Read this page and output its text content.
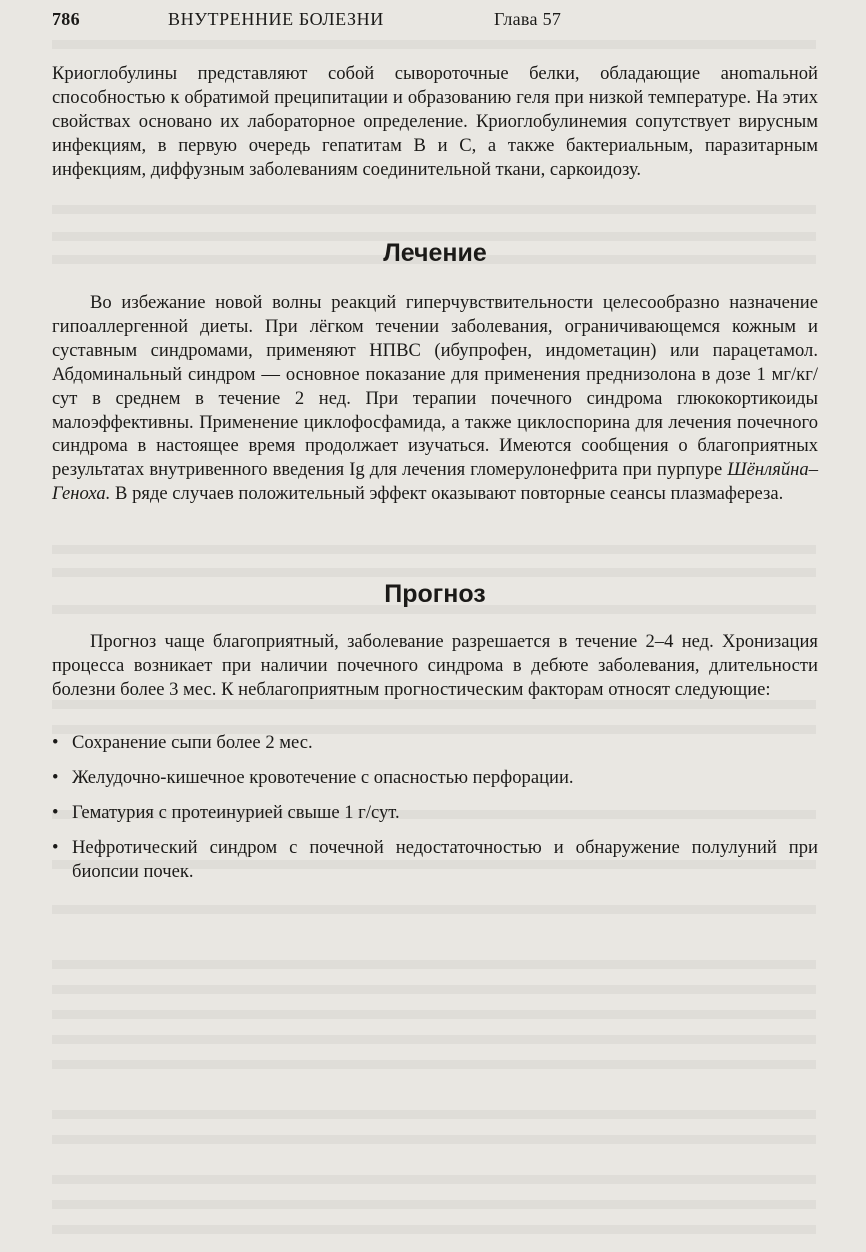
786	ВНУТРЕННИЕ БОЛЕЗНИ	Глава 57

Криоглобулины представляют собой сывороточные белки, обладающие аноmальной способностью к обратимой преципитации и образованию геля при низкой температуре. На этих свойствах основано их лабораторное определение. Криоглобулинемия сопутствует вирусным инфекциям, в первую очередь гепатитам В и С, а также бактериальным, паразитарным инфекциям, диффузным заболеваниям соединительной ткани, саркоидозу.

Лечение

Во избежание новой волны реакций гиперчувствительности целесообразно назначение гипоаллергенной диеты. При лёгком течении заболевания, ограничивающемся кожным и суставным синдромами, применяют НПВС (ибупрофен, индометацин) или парацетамол. Абдоминальный синдром — основное показание для применения преднизолона в дозе 1 мг/кг/сут в среднем в течение 2 нед. При терапии почечного синдрома глюкокортикоиды малоэффективны. Применение циклофосфамида, а также циклоспорина для лечения почечного синдрома в настоящее время продолжает изучаться. Имеются сообщения о благоприятных результатах внутривенного введения Ig для лечения гломерулонефрита при пурпуре Шёнляйна–Геноха. В ряде случаев положительный эффект оказывают повторные сеансы плазмафереза.

Прогноз

Прогноз чаще благоприятный, заболевание разрешается в течение 2–4 нед. Хронизация процесса возникает при наличии почечного синдрома в дебюте заболевания, длительности болезни более 3 мес. К неблагоприятным прогностическим факторам относят следующие:

• Сохранение сыпи более 2 мес.
• Желудочно-кишечное кровотечение с опасностью перфорации.
• Гематурия с протеинурией свыше 1 г/сут.
• Нефротический синдром с почечной недостаточностью и обнаружение полулуний при биопсии почек.
